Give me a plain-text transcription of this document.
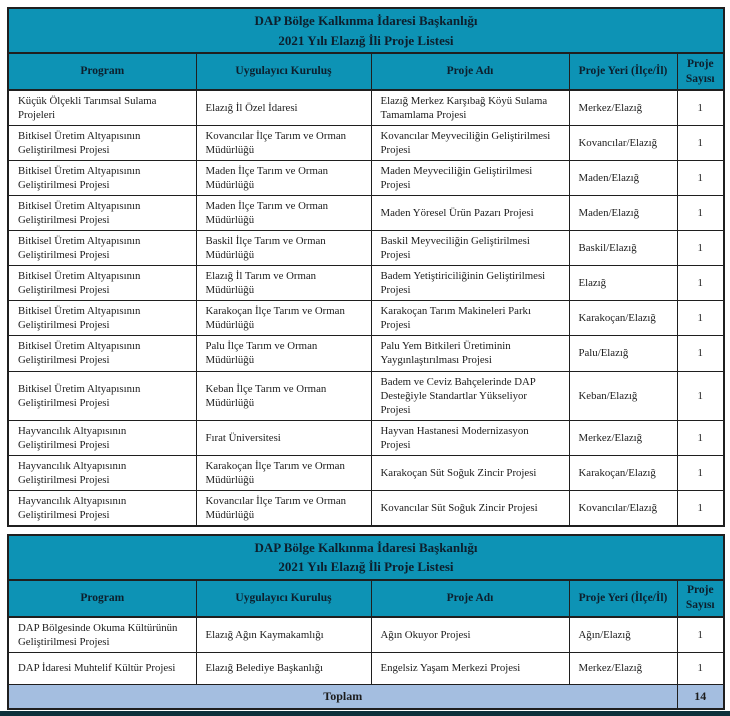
DAP Bölge Kalkınma İdaresi Başkanlığı
2021 Yılı Elazığ İli Proje Listesi				

Program	Uygulayıcı Kuruluş	Proje Adı	Proje Yeri (İlçe/İl)	Proje Sayısı
Küçük Ölçekli Tarımsal Sulama Projeleri	Elazığ İl Özel İdaresi	Elazığ Merkez Karşıbağ Köyü Sulama Tamamlama Projesi	Merkez/Elazığ	1
Bitkisel Üretim Altyapısının Geliştirilmesi Projesi	Kovancılar İlçe Tarım ve Orman Müdürlüğü	Kovancılar Meyveciliğin Geliştirilmesi Projesi	Kovancılar/Elazığ	1
Bitkisel Üretim Altyapısının Geliştirilmesi Projesi	Maden İlçe Tarım ve Orman Müdürlüğü	Maden Meyveciliğin Geliştirilmesi Projesi	Maden/Elazığ	1
Bitkisel Üretim Altyapısının Geliştirilmesi Projesi	Maden İlçe Tarım ve Orman Müdürlüğü	Maden Yöresel Ürün Pazarı Projesi	Maden/Elazığ	1
Bitkisel Üretim Altyapısının Geliştirilmesi Projesi	Baskil İlçe Tarım ve Orman Müdürlüğü	Baskil Meyveciliğin Geliştirilmesi Projesi	Baskil/Elazığ	1
Bitkisel Üretim Altyapısının Geliştirilmesi Projesi	Elazığ İl Tarım ve Orman Müdürlüğü	Badem Yetiştiriciliğinin Geliştirilmesi Projesi	Elazığ	1
Bitkisel Üretim Altyapısının Geliştirilmesi Projesi	Karakoçan İlçe Tarım ve Orman Müdürlüğü	Karakoçan Tarım Makineleri Parkı Projesi	Karakoçan/Elazığ	1
Bitkisel Üretim Altyapısının Geliştirilmesi Projesi	Palu İlçe Tarım ve Orman Müdürlüğü	Palu Yem Bitkileri Üretiminin Yaygınlaştırılması Projesi	Palu/Elazığ	1
Bitkisel Üretim Altyapısının Geliştirilmesi Projesi	Keban İlçe Tarım ve Orman Müdürlüğü	Badem ve Ceviz Bahçelerinde DAP Desteğiyle Standartlar Yükseliyor Projesi	Keban/Elazığ	1
Hayvancılık Altyapısının Geliştirilmesi Projesi	Fırat Üniversitesi	Hayvan Hastanesi Modernizasyon Projesi	Merkez/Elazığ	1
Hayvancılık Altyapısının Geliştirilmesi Projesi	Karakoçan İlçe Tarım ve Orman Müdürlüğü	Karakoçan Süt Soğuk Zincir Projesi	Karakoçan/Elazığ	1
Hayvancılık Altyapısının Geliştirilmesi Projesi	Kovancılar İlçe Tarım ve Orman Müdürlüğü	Kovancılar Süt Soğuk Zincir Projesi	Kovancılar/Elazığ	1
DAP Bölge Kalkınma İdaresi Başkanlığı
2021 Yılı Elazığ İli Proje Listesi				

Program	Uygulayıcı Kuruluş	Proje Adı	Proje Yeri (İlçe/İl)	Proje Sayısı
DAP Bölgesinde Okuma Kültürünün Geliştirilmesi Projesi	Elazığ Ağın Kaymakamlığı	Ağın Okuyor Projesi	Ağın/Elazığ	1
DAP İdaresi Muhtelif Kültür Projesi	Elazığ Belediye Başkanlığı	Engelsiz Yaşam Merkezi Projesi	Merkez/Elazığ	1
Toplam				14
